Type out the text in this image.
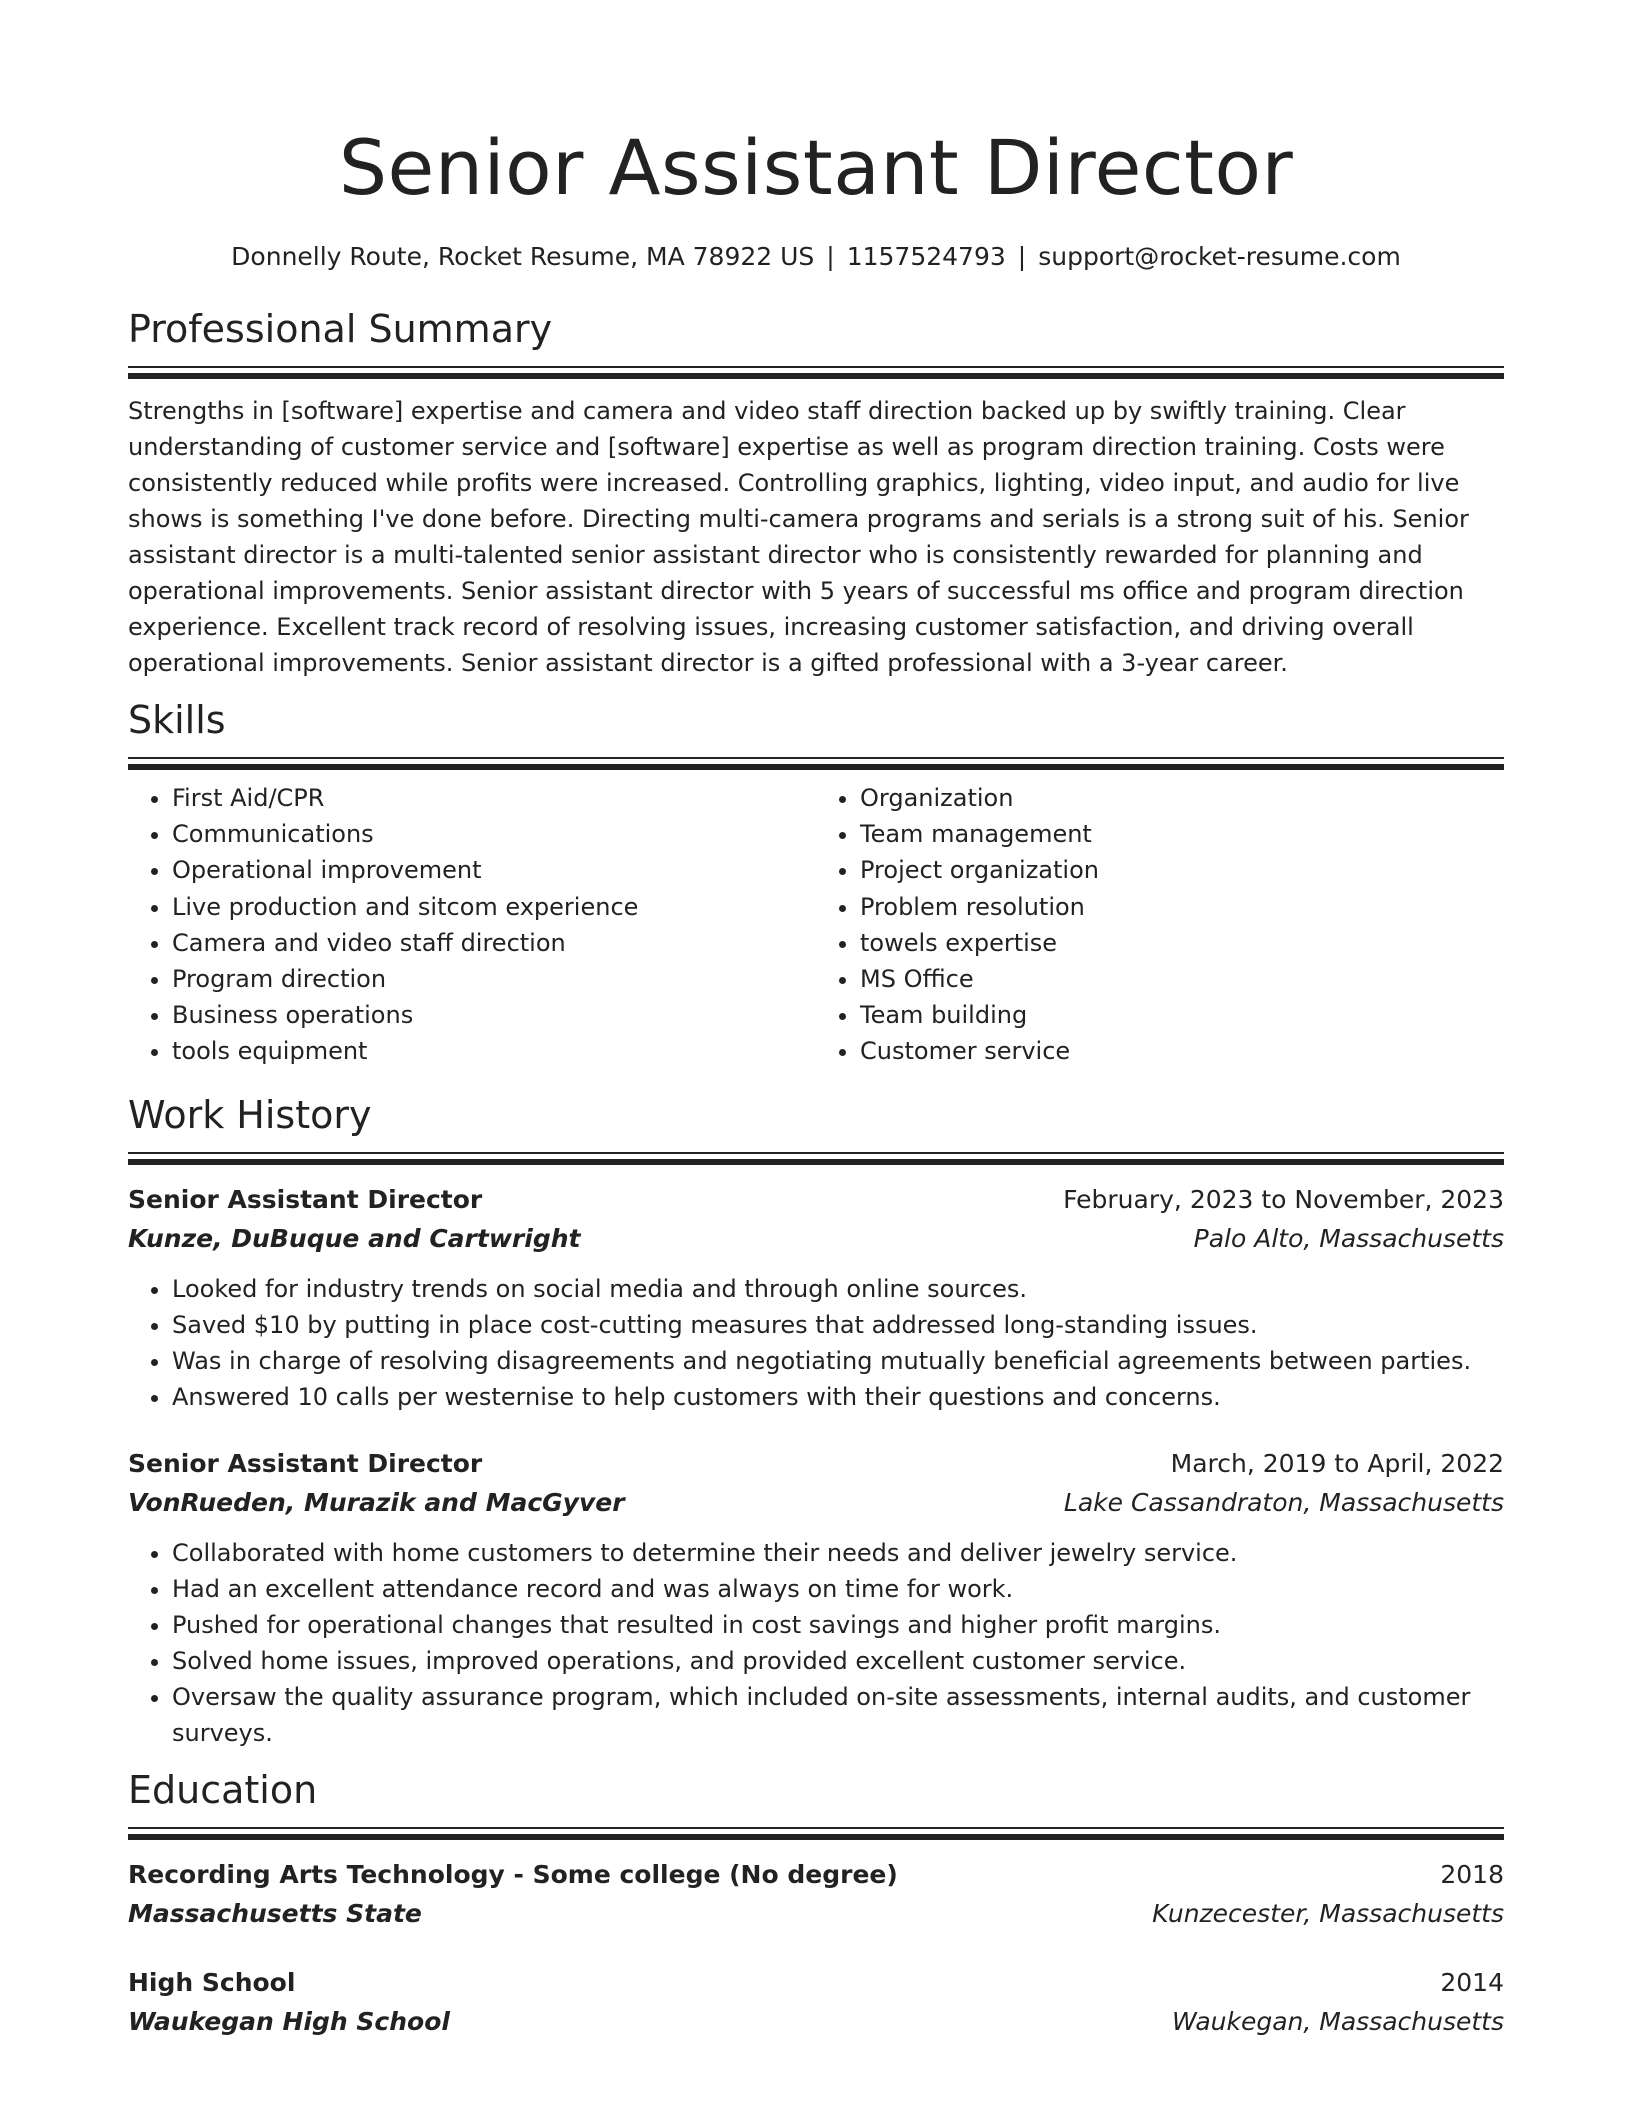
Senior Assistant Director
Donnelly Route, Rocket Resume, MA 78922 US | 1157524793 | support@rocket-resume.com
Professional Summary

Strengths in [software] expertise and camera and video staff direction backed up by swiftly training. Clear understanding of customer service and [software] expertise as well as program direction training. Costs were consistently reduced while profits were increased. Controlling graphics, lighting, video input, and audio for live shows is something I've done before. Directing multi-camera programs and serials is a strong suit of his. Senior assistant director is a multi-talented senior assistant director who is consistently rewarded for planning and operational improvements. Senior assistant director with 5 years of successful ms office and program direction experience. Excellent track record of resolving issues, increasing customer satisfaction, and driving overall operational improvements. Senior assistant director is a gifted professional with a 3-year career.

Skills
• First Aid/CPR
• Communications
• Operational improvement
• Live production and sitcom experience
• Camera and video staff direction
• Program direction
• Business operations
• tools equipment
• Organization
• Team management
• Project organization
• Problem resolution
• towels expertise
• MS Office
• Team building
• Customer service
Work History
Senior Assistant Director	February, 2023 to November, 2023
Kunze, DuBuque and Cartwright	Palo Alto, Massachusetts
• Looked for industry trends on social media and through online sources.
• Saved $10 by putting in place cost-cutting measures that addressed long-standing issues.
• Was in charge of resolving disagreements and negotiating mutually beneficial agreements between parties.
• Answered 10 calls per westernise to help customers with their questions and concerns.
Senior Assistant Director	March, 2019 to April, 2022
VonRueden, Murazik and MacGyver	Lake Cassandraton, Massachusetts
• Collaborated with home customers to determine their needs and deliver jewelry service.
• Had an excellent attendance record and was always on time for work.
• Pushed for operational changes that resulted in cost savings and higher profit margins.
• Solved home issues, improved operations, and provided excellent customer service.
• Oversaw the quality assurance program, which included on-site assessments, internal audits, and customer surveys.
Education
Recording Arts Technology - Some college (No degree)	2018
Massachusetts State	Kunzecester, Massachusetts
High School	2014
Waukegan High School	Waukegan, Massachusetts
